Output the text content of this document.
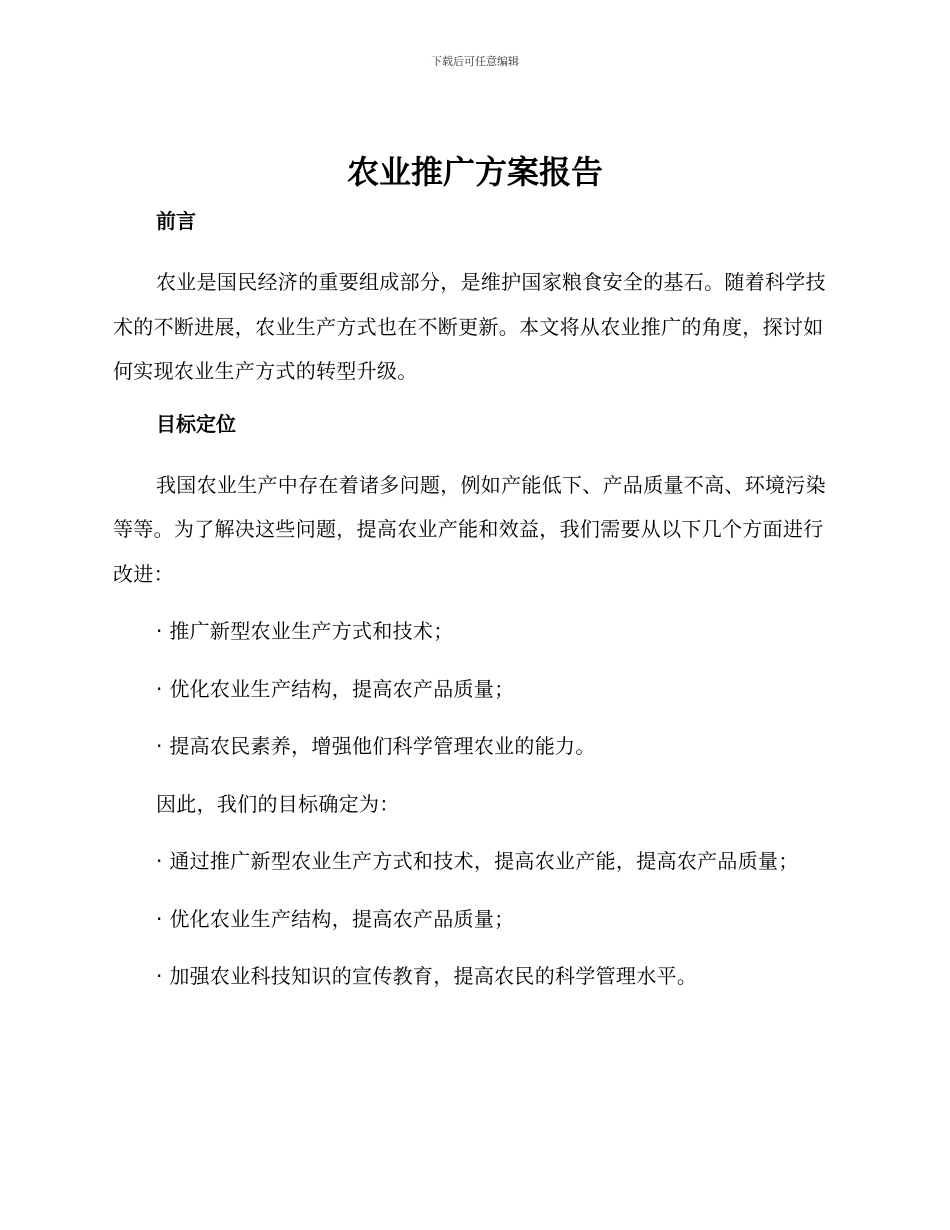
下载后可任意编辑
农业推广方案报告
前言

农业是国民经济的重要组成部分，是维护国家粮食安全的基石。随着科学技术的不断进展，农业生产方式也在不断更新。本文将从农业推广的角度，探讨如何实现农业生产方式的转型升级。

目标定位

我国农业生产中存在着诸多问题，例如产能低下、产品质量不高、环境污染等等。为了解决这些问题，提高农业产能和效益，我们需要从以下几个方面进行改进：

· 推广新型农业生产方式和技术；

· 优化农业生产结构，提高农产品质量；

· 提高农民素养，增强他们科学管理农业的能力。

因此，我们的目标确定为：

· 通过推广新型农业生产方式和技术，提高农业产能，提高农产品质量；

· 优化农业生产结构，提高农产品质量；

· 加强农业科技知识的宣传教育，提高农民的科学管理水平。
